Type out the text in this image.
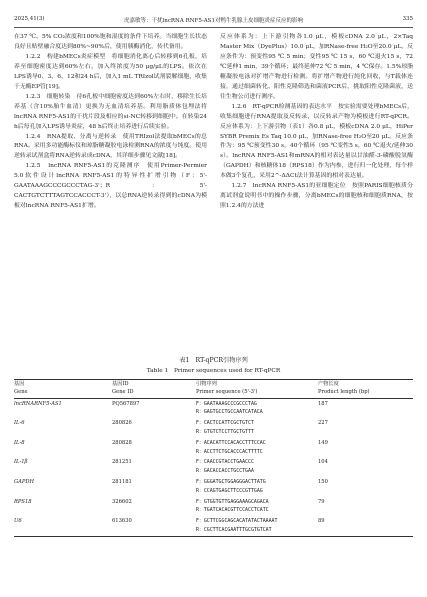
2025,41(3)	虎嘉敏等：干扰lncRNA RNF5-AS1对鸭牛乳腺上皮细胞炎症反应的影响	335

在37 ℃、5% CO₂浓度和100%饱和湿度的条件下培养。当细胞生长状态良好且贴壁融合度达到80%~90%后，使用胰酶消化，传代备用。

1.2.2　构建bMECs炎症模型　将细胞消化离心后转移到6孔板，培养至细胞密度达到60%左右，加入终浓度为50 μg/μL的LPS。依次在LPS诱导0、3、6、12和24 h后，加入1 mL TRIzol试剂裂解细胞，收集于无酶EP管[19]。

1.2.3　细胞转染　待6孔板中细胞密度达到60%左右时，移除生长培养基（含10%胎牛血清）更换为无血清培养基。利用脂质体包埋法将lncRNA RNF5-AS1的干扰片段及相应的si-NC转移到细胞中。在转染24 h后每孔加入LPS诱导炎症，48 h后终止培养进行后续实验。

1.2.4　RNA提取、分离与逆转录　使用TRIzol法提取bMECs的总RNA。采用多功能酶标仪和琼脂糖凝胶电泳检测RNA的浓度与纯度。使用逆转录试剂盒将RNA逆转录成cDNA，其详细步骤见文献[18]。

1.2.5　lncRNA RNF5-AS1的克隆测序　使用Primer-Permier 5.0软件设计lncRNA RNF5-AS1的特异性扩增引物（F：5'-GAATAAAGCCCGCCCTAG-3'；R：5'-CACTGTCTTTAGTCCACCCT-3'），以总RNA逆转录得到的cDNA为模板对lncRNA RNF5-AS1扩增。

反应体系为：上下游引物各1.0 μL，模板cDNA 2.0 μL，2×Taq Master Mix（DyePlus）10.0 μL，加RNase-free H₂O至20.0 μL。反应条件为：预变性95 ℃ 5 min；变性95 ℃ 15 s，60 ℃退火15 s，72 ℃延伸1 min，39个循环；最终延伸72 ℃ 5 min，4 ℃保存。1.5%琼脂糖凝胶电泳对扩增产物进行检测。将扩增产物进行纯化回收，与T载体连接，通过细菌转化、阳性克隆筛选和菌液PCR后，挑取阳性克隆菌液，送往生物公司进行测序。

1.2.6　RT-qPCR检测基因的表达水平　按实验需要处理bMECs后，收集细胞进行RNA提取及反转录，以反转录产物为模板进行RT-qPCR。反应体系为：上下游引物（表1）各0.8 μL，模板cDNA 2.0 μL，HiPer SYBR Premix Es Taq 10.0 μL，加RNase-free H₂O至20 μL。反应条件为：95 ℃预变性30 s，40个循环（95 ℃变性5 s，60 ℃退火/延伸30 s）。lncRNA RNF5-AS1和mRNA的相对表达量以甘油醛-3-磷酸脱氢酶（GAPDH）和核糖体18（RPS18）作为内参，进行归一化处理，每个样本做3个复孔，采用2^-ΔΔCt法计算基因的相对表达量。

1.2.7　lncRNA RNF5-AS1的亚细胞定位　按照PARIS细胞核质分离试剂盒说明书中的操作步骤，分离bMECs的细胞核和细胞质RNA，按照1.2.4的方法进

表1　RT-qPCR引物序列
Table 1　Primer sequences used for RT-qPCR
基因
Gene	基因ID
Gene ID	引物序列
Primer sequence (5'-3')	产物长度
Product length (bp)
lncRNARNF5-AS1	PQ567897	F：GAATAAAGCCCGCCCTAG
R：GAGTGCCTGCCAATCATACA	187
IL-6	280826	F：CACTCCATTCGCTGTCT
R：GTGTCTCCTTGCTGTTT	227
IL-8	280828	F：ACACATTCCACACCTTTCCAC
R：ACCTTCTGCACCCACTTTTC	149
IL-1β	281251	F：CAACCGTACCTGAACCC
R：GACACCACCTGCCTGAA	104
GAPDH	281181	F：GGGATGCTGGAGGGACTTATG
R：CCAGTGAGCTTCCCGTTGAG	150
RPS18	326602	F：GTGGTGTTGAGGAAAGCAGACA
R：TGATCACACGTTCCACCTCATC	79
U6	613630	F：GCTTCGGCAGCACATATACTAAAAT
R：CGCTTCACGAATTTGCGTGTCAT	89
